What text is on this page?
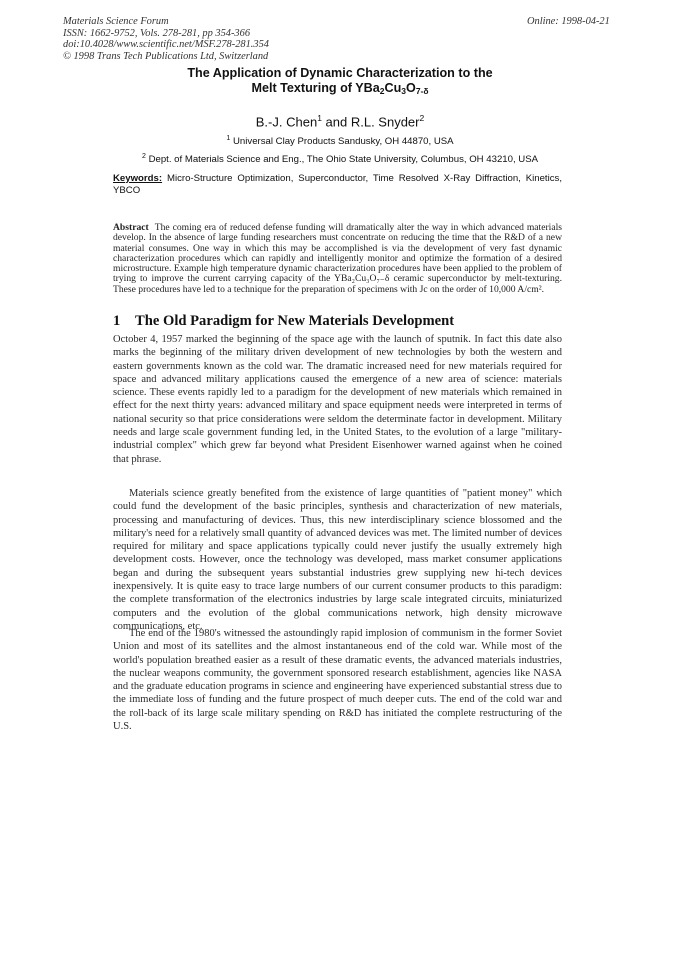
Materials Science Forum
ISSN: 1662-9752, Vols. 278-281, pp 354-366
doi:10.4028/www.scientific.net/MSF.278-281.354
© 1998 Trans Tech Publications Ltd, Switzerland
Online: 1998-04-21
The Application of Dynamic Characterization to the
Melt Texturing of $YBa_2Cu_3O_{7-\delta}$
B.-J. Chen$^1$ and R.L. Snyder$^2$
$^1$ Universal Clay Products Sandusky, OH 44870, USA
$^2$ Dept. of Materials Science and Eng., The Ohio State University, Columbus, OH 43210, USA
Keywords: Micro-Structure Optimization, Superconductor, Time Resolved X-Ray Diffraction, Kinetics, YBCO
Abstract The coming era of reduced defense funding will dramatically alter the way in which advanced materials develop. In the absence of large funding researchers must concentrate on reducing the time that the R&D of a new material consumes. One way in which this may be accomplished is via the development of very fast dynamic characterization procedures which can rapidly and intelligently monitor and optimize the formation of a desired microstructure. Example high temperature dynamic characterization procedures have been applied to the problem of trying to improve the current carrying capacity of the YBa₂Cu₃O₇₋δ ceramic superconductor by melt-texturing. These procedures have led to a technique for the preparation of specimens with Jc on the order of 10,000 A/cm².
1 The Old Paradigm for New Materials Development
October 4, 1957 marked the beginning of the space age with the launch of sputnik. In fact this date also marks the beginning of the military driven development of new technologies by both the western and eastern governments known as the cold war. The dramatic increased need for new materials required for space and advanced military applications caused the emergence of a new area of science: materials science. These events rapidly led to a paradigm for the development of new materials which remained in effect for the next thirty years: advanced military and space equipment needs were interpreted in terms of national security so that price considerations were seldom the determinate factor in development. Military needs and large scale government funding led, in the United States, to the evolution of a large "military-industrial complex" which grew far beyond what President Eisenhower warned against when he coined that phrase.
Materials science greatly benefited from the existence of large quantities of "patient money" which could fund the development of the basic principles, synthesis and characterization of new materials, processing and manufacturing of devices. Thus, this new interdisciplinary science blossomed and the military's need for a relatively small quantity of advanced devices was met. The limited number of devices required for military and space applications typically could never justify the usually extremely high development costs. However, once the technology was developed, mass market consumer applications began and during the subsequent years substantial industries grew supplying new hi-tech devices inexpensively. It is quite easy to trace large numbers of our current consumer products to this paradigm: the complete transformation of the electronics industries by large scale integrated circuits, miniaturized computers and the evolution of the global communications network, high density microwave communications, etc.
The end of the 1980's witnessed the astoundingly rapid implosion of communism in the former Soviet Union and most of its satellites and the almost instantaneous end of the cold war. While most of the world's population breathed easier as a result of these dramatic events, the advanced materials industries, the nuclear weapons community, the government sponsored research establishment, agencies like NASA and the graduate education programs in science and engineering have experienced substantial stress due to the immediate loss of funding and the future prospect of much deeper cuts. The end of the cold war and the roll-back of its large scale military spending on R&D has initiated the complete restructuring of the U.S.
